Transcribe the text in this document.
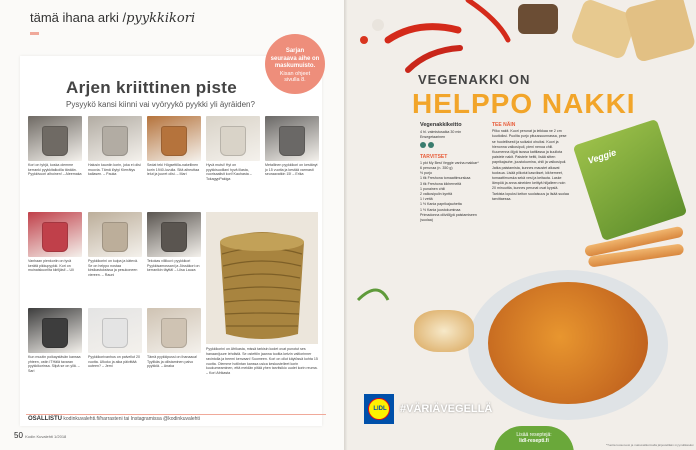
tämä ihana arki /pyykkikori
Sarjan
seuraava aihe on
maskumuisto.
Kisan ohjeet
sivulla 8.
Arjen kriittinen piste
Pysyykö kansi kiinni vai vyöryykö pyykki yli äyräiden?
Kori on tyhjä, koska olemme kerranki pyykkitalkoilla tänään. Pyykkivuori alhoinen! – Aleemaka
Halusin kauniin korin, joka ei olisi muovia. Tämä löytyi Kierrätys kallasen. – Pauka
Sedat teki Högsettilla-nakellinen korin 1940-luvulla. Sitä aiheuttaa lelut ja juuret olisi. – Mari
Hyvä mutsi! Hyt on pyykkisuoillani hyvä illasta, vuorisaalisit kori! Kauhasta – TokagypPakiga
Metallinen pyykkikori on kestänyt jo 15 vuotta ja kestää varmasti seuraavatkin 15! – Erika
Vanhaan pienkoriin on tyvä kerätä pikkupyykki. Kori on muinaiskuorilta kiiriljäsi! – Uli
Pyykkikorini on kulpa ja kätevä. Se on helppo nostaa kirsikastuksissa ja pesukoneen viereen. – Rauni
Tekokas villikuvi: pyykkikori Pyykkisamossani ja Jössäkori on kerranikin täyttä! – Liisa Lauza
Kun muutin poikaystävän kanssa yhteen, ostin ITHälä tavaran pyykkikorinsa. Silpä se on yllä. – Sari
Pyykkikorivanhus on palvellut 20 vuotta. Ulkoko ja aika päivittää uuteen? – Jemi
Tämä pyykkipussi on ihanaaca! Tyylikäs ja ollistaminen palvo pyykkiä. – Anaka
Pyykkikorini on Afrikasta, missä tarkisin kodet ovat punotut ses hanaanijuure lehdistä. Se ostettiin jaanna tooltia ketzin valtiorinner ravintolla ja beemi kenvaan! Suomeen. Kori on ollut käytössä kohta 15 vuotta. Olemme hotlintan kanssa usica keskustelleet korin kuukumeaminen, että meidän pitää yhen tarvitsikio uudet korin reuma. – Kori Afrikasta
OSALLISTU kodinkuvalehti.fi/harrasteni tai Instagramissa @kodinkuvalehti
50 Kodin Kuvalehti 1/2018
VEGENAKKI ON
HELPPO NAKKI
Vegenakkikeitto
4 hl. valmistusaika 30 min
Ensegetaarinen
TARVITSET
1 pkt My Best Veggie vanha.makkar*
6 perunaa (n. 350 g)
½ purjo
1 tlk Freshona tomaattimurskaa
3 tlk Freshona kikherneitä
1 punainen chili
2 valkosipulin kynttä
1 l vettä
1 ½ Kania paprikajauhetta
1 ½ Kania juustokuminaa
Primadonna oliiviöljyä paistamiseen
(suolaa)
TEE NÄIN
Pilko nakit. Kuori perunat ja leikkaa ne 2 cm kuutioiksi. Puolita purjo pituussuunnassa, pese se huolellisesti ja suikaloi ohuiksi. Kuori ja hienonna valkosipuli, pieni nenoa chili. Kuumenna öljyä isossa kattilassa ja kuullota paistele nakit. Paistele heltti, lisää sitten paprikajauhe, juustokumina, chili ja valkosipuli. Jatka paistamista, kunnes maustet alkavat tuoksua. Lisää pilkotut kasvikset, kikherneet, tomaattimurska sekä vesi ja keitauta. Laske lämpöä ja anna aineiden keittyä hiljalleen noin 20 minuuttia, kunnes perunat ovat kypsiä. Tarkista lopuksi keiton suolaisuus ja lisää suolaa tarvittaessa.
Veggie
LIDL	#VÄRIÄVEGELLÄ
Lisää reseptejä:
lidl-resepti.fi
*Tuotta tuotevuosi ja makuvalikoimalla järjestellään myymälässäsi
